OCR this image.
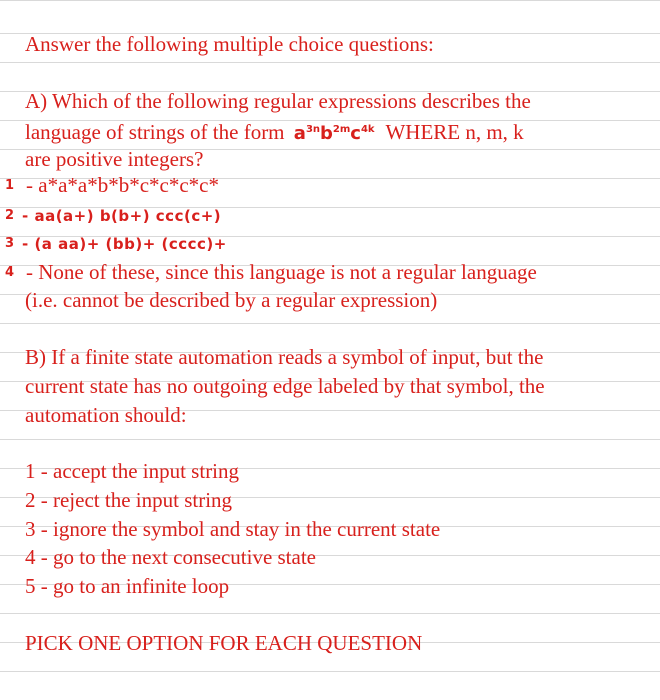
Answer the following multiple choice questions:
A) Which of the following regular expressions describes the
language of strings of the form $a^{3n}b^{2m}c^{4k}$ WHERE n, m, k
are positive integers?
1 - a*a*a*b*b*c*c*c*c*
2 - aa(a+) b(b+) ccc(c+)
3 - (a aa)+ (bb)+ (cccc)+
4 - None of these, since this language is not a regular language
(i.e. cannot be described by a regular expression)
B) If a finite state automation reads a symbol of input, but the
current state has no outgoing edge labeled by that symbol, the
automation should:
1 - accept the input string
2 - reject the input string
3 - ignore the symbol and stay in the current state
4 - go to the next consecutive state
5 - go to an infinite loop
PICK ONE OPTION FOR EACH QUESTION
